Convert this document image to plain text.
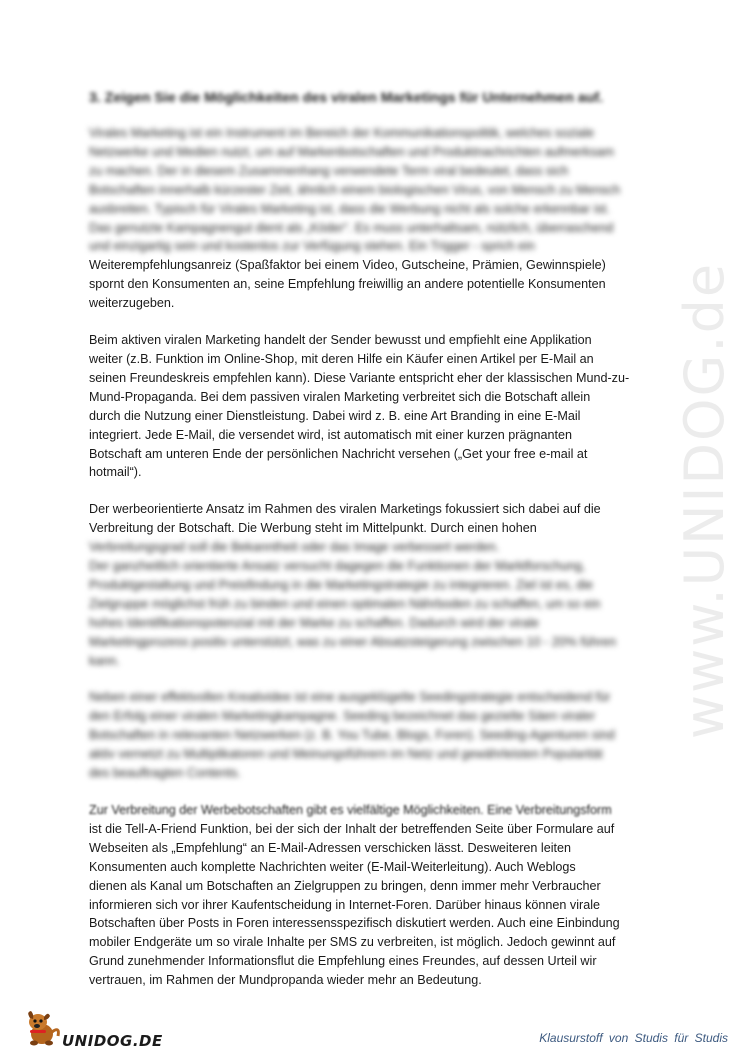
3. Zeigen Sie die Möglichkeiten des viralen Marketings für Unternehmen auf.
Virales Marketing ist ein Instrument im Bereich der Kommunikationspolitik, welches soziale
Netzwerke und Medien nutzt, um auf Markenbotschaften und Produktnachrichten aufmerksam
zu machen. Der in diesem Zusammenhang verwendete Term viral bedeutet, dass sich
Botschaften innerhalb kürzester Zeit, ähnlich einem biologischen Virus, von Mensch zu Mensch
ausbreiten. Typisch für Virales Marketing ist, dass die Werbung nicht als solche erkennbar ist.
Das genutzte Kampagnengut dient als „Köder“. Es muss unterhaltsam, nützlich, überraschend
und einzigartig sein und kostenlos zur Verfügung stehen. Ein Trigger - sprich ein
Weiterempfehlungsanreiz (Spaßfaktor bei einem Video, Gutscheine, Prämien, Gewinnspiele)
spornt den Konsumenten an, seine Empfehlung freiwillig an andere potentielle Konsumenten
weiterzugeben.
Beim aktiven viralen Marketing handelt der Sender bewusst und empfiehlt eine Applikation
weiter (z.B. Funktion im Online-Shop, mit deren Hilfe ein Käufer einen Artikel per E-Mail an
seinen Freundeskreis empfehlen kann). Diese Variante entspricht eher der klassischen Mund-zu-
Mund-Propaganda. Bei dem passiven viralen Marketing verbreitet sich die Botschaft allein
durch die Nutzung einer Dienstleistung. Dabei wird z. B. eine Art Branding in eine E-Mail
integriert. Jede E-Mail, die versendet wird, ist automatisch mit einer kurzen prägnanten
Botschaft am unteren Ende der persönlichen Nachricht versehen („Get your free e-mail at
hotmail“).
Der werbeorientierte Ansatz im Rahmen des viralen Marketings fokussiert sich dabei auf die
Verbreitung der Botschaft. Die Werbung steht im Mittelpunkt. Durch einen hohen
Verbreitungsgrad soll die Bekanntheit oder das Image verbessert werden.
Der ganzheitlich orientierte Ansatz versucht dagegen die Funktionen der Marktforschung,
Produktgestaltung und Preisfindung in die Marketingstrategie zu integrieren. Ziel ist es, die
Zielgruppe möglichst früh zu binden und einen optimalen Nährboden zu schaffen, um so ein
hohes Identifikationspotenzial mit der Marke zu schaffen. Dadurch wird der virale
Marketingprozess positiv unterstützt, was zu einer Absatzsteigerung zwischen 10 - 20% führen
kann.
Neben einer effektvollen Kreatividee ist eine ausgeklügelte Seedingstrategie entscheidend für
den Erfolg einer viralen Marketingkampagne. Seeding bezeichnet das gezielte Säen viraler
Botschaften in relevanten Netzwerken (z. B. You Tube, Blogs, Foren). Seeding-Agenturen sind
aktiv vernetzt zu Multiplikatoren und Meinungsführern im Netz und gewährleisten Popularität
des beauftragten Contents.
Zur Verbreitung der Werbebotschaften gibt es vielfältige Möglichkeiten. Eine Verbreitungsform
ist die Tell-A-Friend Funktion, bei der sich der Inhalt der betreffenden Seite über Formulare auf
Webseiten als „Empfehlung“ an E-Mail-Adressen verschicken lässt. Desweiteren leiten
Konsumenten auch komplette Nachrichten weiter (E-Mail-Weiterleitung). Auch Weblogs
dienen als Kanal um Botschaften an Zielgruppen zu bringen, denn immer mehr Verbraucher
informieren sich vor ihrer Kaufentscheidung in Internet-Foren. Darüber hinaus können virale
Botschaften über Posts in Foren interessensspezifisch diskutiert werden. Auch eine Einbindung
mobiler Endgeräte um so virale Inhalte per SMS zu verbreiten, ist möglich. Jedoch gewinnt auf
Grund zunehmender Informationsflut die Empfehlung eines Freundes, auf dessen Urteil wir
vertrauen, im Rahmen der Mundpropanda wieder mehr an Bedeutung.
www.UNIDOG.de
UNIDOG.DE	Klausurstoff von Studis für Studis
